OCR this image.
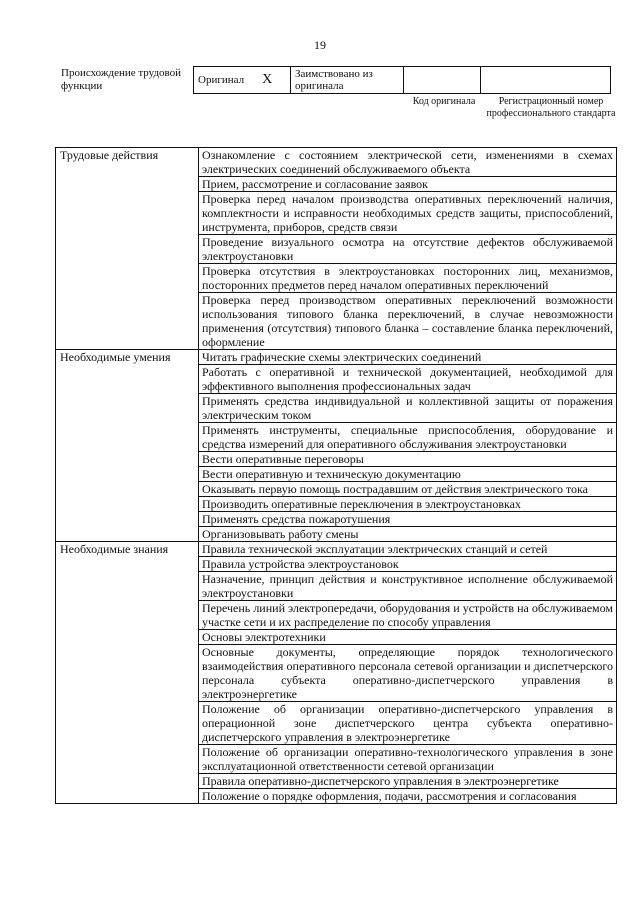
19
Происхождение трудовой функции	Оригинал X	Заимствовано из оригинала		
Код оригинала	Регистрационный номер профессионального стандарта
Трудовые действия	Ознакомление с состоянием электрической сети, изменениями в схемах электрических соединений обслуживаемого объекта
	Прием, рассмотрение и согласование заявок
	Проверка перед началом производства оперативных переключений наличия, комплектности и исправности необходимых средств защиты, приспособлений, инструмента, приборов, средств связи
	Проведение визуального осмотра на отсутствие дефектов обслуживаемой электроустановки
	Проверка отсутствия в электроустановках посторонних лиц, механизмов, посторонних предметов перед началом оперативных переключений
	Проверка перед производством оперативных переключений возможности использования типового бланка переключений, в случае невозможности применения (отсутствия) типового бланка – составление бланка переключений, оформление
Необходимые умения	Читать графические схемы электрических соединений
	Работать с оперативной и технической документацией, необходимой для эффективного выполнения профессиональных задач
	Применять средства индивидуальной и коллективной защиты от поражения электрическим током
	Применять инструменты, специальные приспособления, оборудование и средства измерений для оперативного обслуживания электроустановки
	Вести оперативные переговоры
	Вести оперативную и техническую документацию
	Оказывать первую помощь пострадавшим от действия электрического тока
	Производить оперативные переключения в электроустановках
	Применять средства пожаротушения
	Организовывать работу смены
Необходимые знания	Правила технической эксплуатации электрических станций и сетей
	Правила устройства электроустановок
	Назначение, принцип действия и конструктивное исполнение обслуживаемой электроустановки
	Перечень линий электропередачи, оборудования и устройств на обслуживаемом участке сети и их распределение по способу управления
	Основы электротехники
	Основные документы, определяющие порядок технологического взаимодействия оперативного персонала сетевой организации и диспетчерского персонала субъекта оперативно-диспетчерского управления в электроэнергетике
	Положение об организации оперативно-диспетчерского управления в операционной зоне диспетчерского центра субъекта оперативно-диспетчерского управления в электроэнергетике
	Положение об организации оперативно-технологического управления в зоне эксплуатационной ответственности сетевой организации
	Правила оперативно-диспетчерского управления в электроэнергетике
	Положение о порядке оформления, подачи, рассмотрения и согласования
